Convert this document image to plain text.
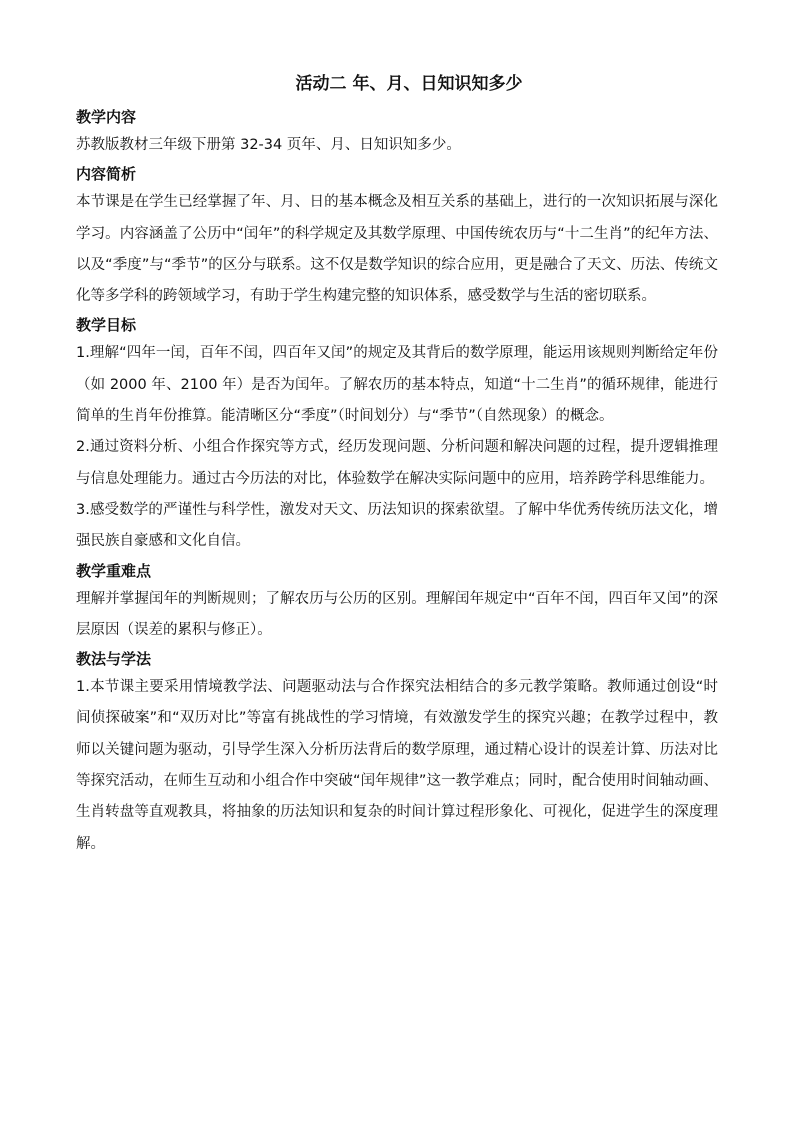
活动二 年、月、日知识知多少
教学内容

苏教版教材三年级下册第 32-34 页年、月、日知识知多少。

内容简析

本节课是在学生已经掌握了年、月、日的基本概念及相互关系的基础上，进行的一次知识拓展与深化学习。内容涵盖了公历中“闰年”的科学规定及其数学原理、中国传统农历与“十二生肖”的纪年方法、以及“季度”与“季节”的区分与联系。这不仅是数学知识的综合应用，更是融合了天文、历法、传统文化等多学科的跨领域学习，有助于学生构建完整的知识体系，感受数学与生活的密切联系。

教学目标

1.理解“四年一闰，百年不闰，四百年又闰”的规定及其背后的数学原理，能运用该规则判断给定年份（如 2000 年、2100 年）是否为闰年。了解农历的基本特点，知道“十二生肖”的循环规律，能进行简单的生肖年份推算。能清晰区分“季度”（时间划分）与“季节”（自然现象）的概念。

2.通过资料分析、小组合作探究等方式，经历发现问题、分析问题和解决问题的过程，提升逻辑推理与信息处理能力。通过古今历法的对比，体验数学在解决实际问题中的应用，培养跨学科思维能力。

3.感受数学的严谨性与科学性，激发对天文、历法知识的探索欲望。了解中华优秀传统历法文化，增强民族自豪感和文化自信。

教学重难点

理解并掌握闰年的判断规则；了解农历与公历的区别。理解闰年规定中“百年不闰，四百年又闰”的深层原因（误差的累积与修正）。

教法与学法

1.本节课主要采用情境教学法、问题驱动法与合作探究法相结合的多元教学策略。教师通过创设“时间侦探破案”和“双历对比”等富有挑战性的学习情境，有效激发学生的探究兴趣；在教学过程中，教师以关键问题为驱动，引导学生深入分析历法背后的数学原理，通过精心设计的误差计算、历法对比等探究活动，在师生互动和小组合作中突破“闰年规律”这一教学难点；同时，配合使用时间轴动画、生肖转盘等直观教具，将抽象的历法知识和复杂的时间计算过程形象化、可视化，促进学生的深度理解。
